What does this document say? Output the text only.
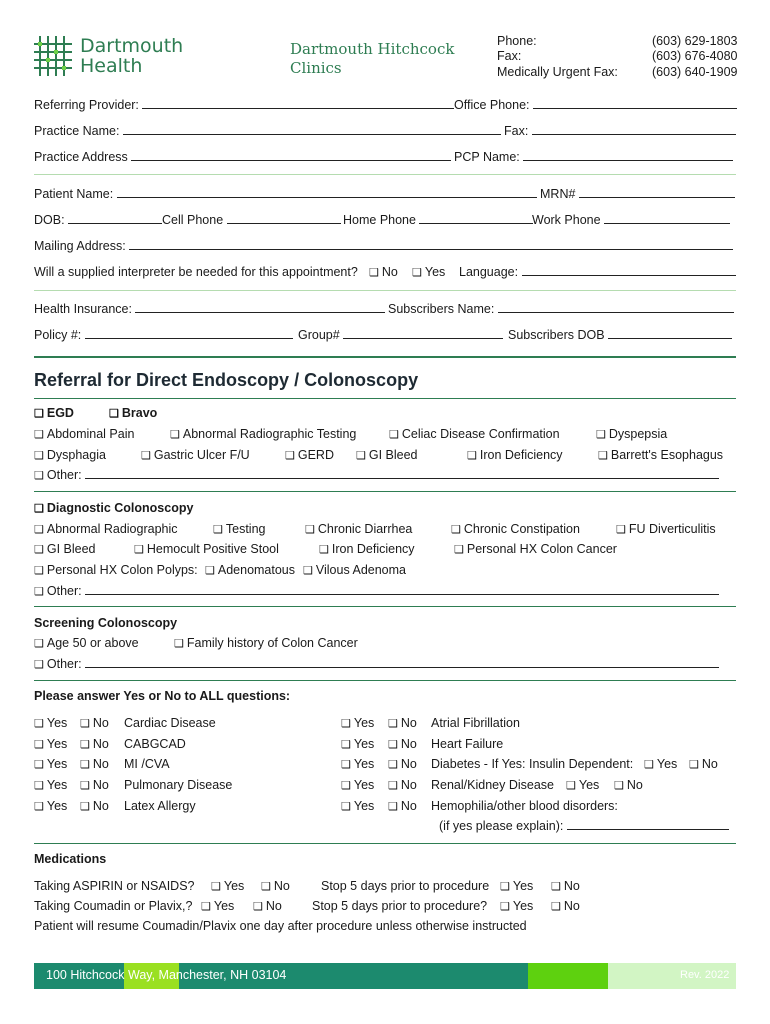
Dartmouth
Health
Dartmouth Hitchcock
Clinics
Phone:	(603) 629-1803
Fax:	(603) 676-4080
Medically Urgent Fax:	(603) 640-1909
Referring Provider:	Office Phone:
Practice Name:	Fax:
Practice Address	PCP Name:
Patient Name:	MRN#
DOB:	Cell Phone	Home Phone	Work Phone
Mailing Address:
Will a supplied interpreter be needed for this appointment?	❑ No	❑ Yes Language:
Health Insurance:	Subscribers Name:
Policy #:	Group#	Subscribers DOB
Referral for Direct Endoscopy / Colonoscopy
❑ EGD	❑ Bravo
❑ Abdominal Pain	❑ Abnormal Radiographic Testing	❑ Celiac Disease Confirmation	❑ Dyspepsia
❑ Dysphagia	❑ Gastric Ulcer F/U	❑ GERD	❑ GI Bleed	❑ Iron Deficiency	❑ Barrett's Esophagus
❑ Other:
❑ Diagnostic Colonoscopy
❑ Abnormal Radiographic	❑ Testing	❑ Chronic Diarrhea	❑ Chronic Constipation	❑ FU Diverticulitis
❑ GI Bleed	❑ Hemocult Positive Stool	❑ Iron Deficiency	❑ Personal HX Colon Cancer
❑ Personal HX Colon Polyps:	❑ Adenomatous	❑ Vilous Adenoma
❑ Other:
Screening Colonoscopy
❑ Age 50 or above	❑ Family history of Colon Cancer
❑ Other:
Please answer Yes or No to ALL questions:
❑ Yes	❑ No Cardiac Disease
❑ Yes	❑ No CABGCAD
❑ Yes	❑ No MI /CVA
❑ Yes	❑ No Pulmonary Disease
❑ Yes	❑ No Latex Allergy
❑ Yes	❑ No Atrial Fibrillation
❑ Yes	❑ No Heart Failure
❑ Yes	❑ No Diabetes - If Yes: Insulin Dependent:	❑ Yes	❑ No
❑ Yes	❑ No Renal/Kidney Disease	❑ Yes	❑ No
❑ Yes	❑ No Hemophilia/other blood disorders:
(if yes please explain):
Medications
Taking ASPIRIN or NSAIDS?	❑ Yes	❑ No Stop 5 days prior to procedure	❑ Yes	❑ No
Taking Coumadin or Plavix,?	❑ Yes	❑ No Stop 5 days prior to procedure?	❑ Yes	❑ No
Patient will resume Coumadin/Plavix one day after procedure unless otherwise instructed
100 Hitchcock Way, Manchester, NH 03104	Rev. 2022
